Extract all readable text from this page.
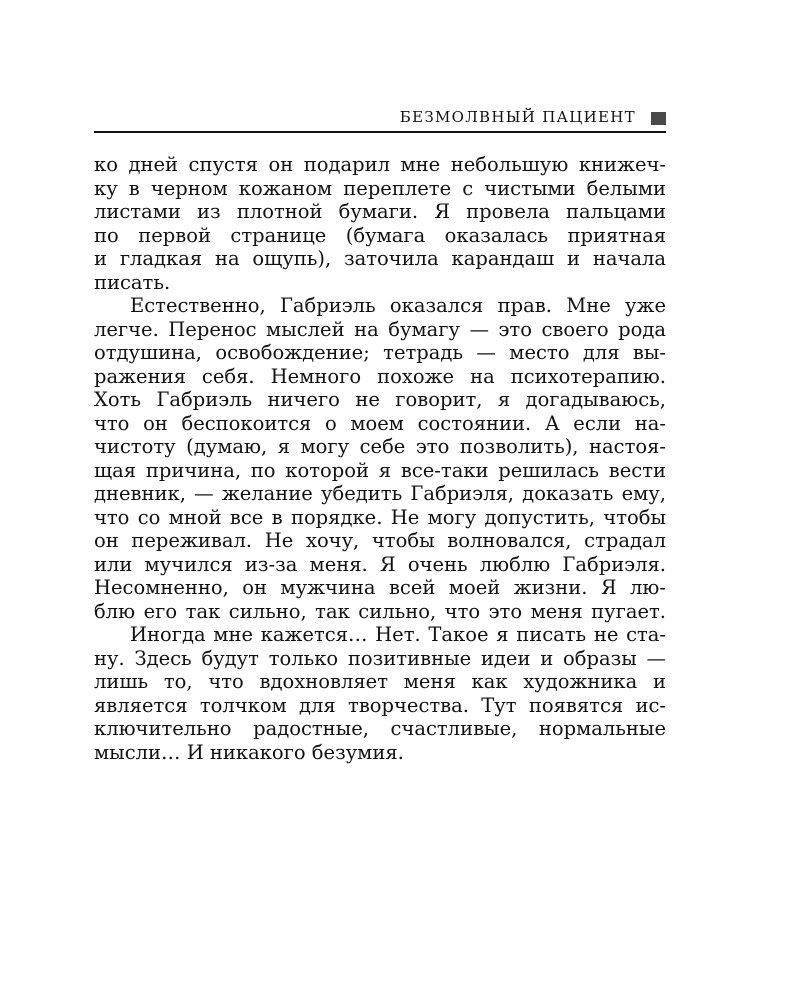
БЕЗМОЛВНЫЙ ПАЦИЕНТ
ко дней спустя он подарил мне небольшую книжеч-
ку в черном кожаном переплете с чистыми белыми
листами из плотной бумаги. Я провела пальцами
по первой странице (бумага оказалась приятная
и гладкая на ощупь), заточила карандаш и начала
писать.
Естественно, Габриэль оказался прав. Мне уже
легче. Перенос мыслей на бумагу — это своего рода
отдушина, освобождение; тетрадь — место для вы-
ражения себя. Немного похоже на психотерапию.
Хоть Габриэль ничего не говорит, я догадываюсь,
что он беспокоится о моем состоянии. А если на-
чистоту (думаю, я могу себе это позволить), настоя-
щая причина, по которой я все-таки решилась вести
дневник, — желание убедить Габриэля, доказать ему,
что со мной все в порядке. Не могу допустить, чтобы
он переживал. Не хочу, чтобы волновался, страдал
или мучился из-за меня. Я очень люблю Габриэля.
Несомненно, он мужчина всей моей жизни. Я лю-
блю его так сильно, так сильно, что это меня пугает.
Иногда мне кажется… Нет. Такое я писать не ста-
ну. Здесь будут только позитивные идеи и образы —
лишь то, что вдохновляет меня как художника и
является толчком для творчества. Тут появятся ис-
ключительно радостные, счастливые, нормальные
мысли… И никакого безумия.
